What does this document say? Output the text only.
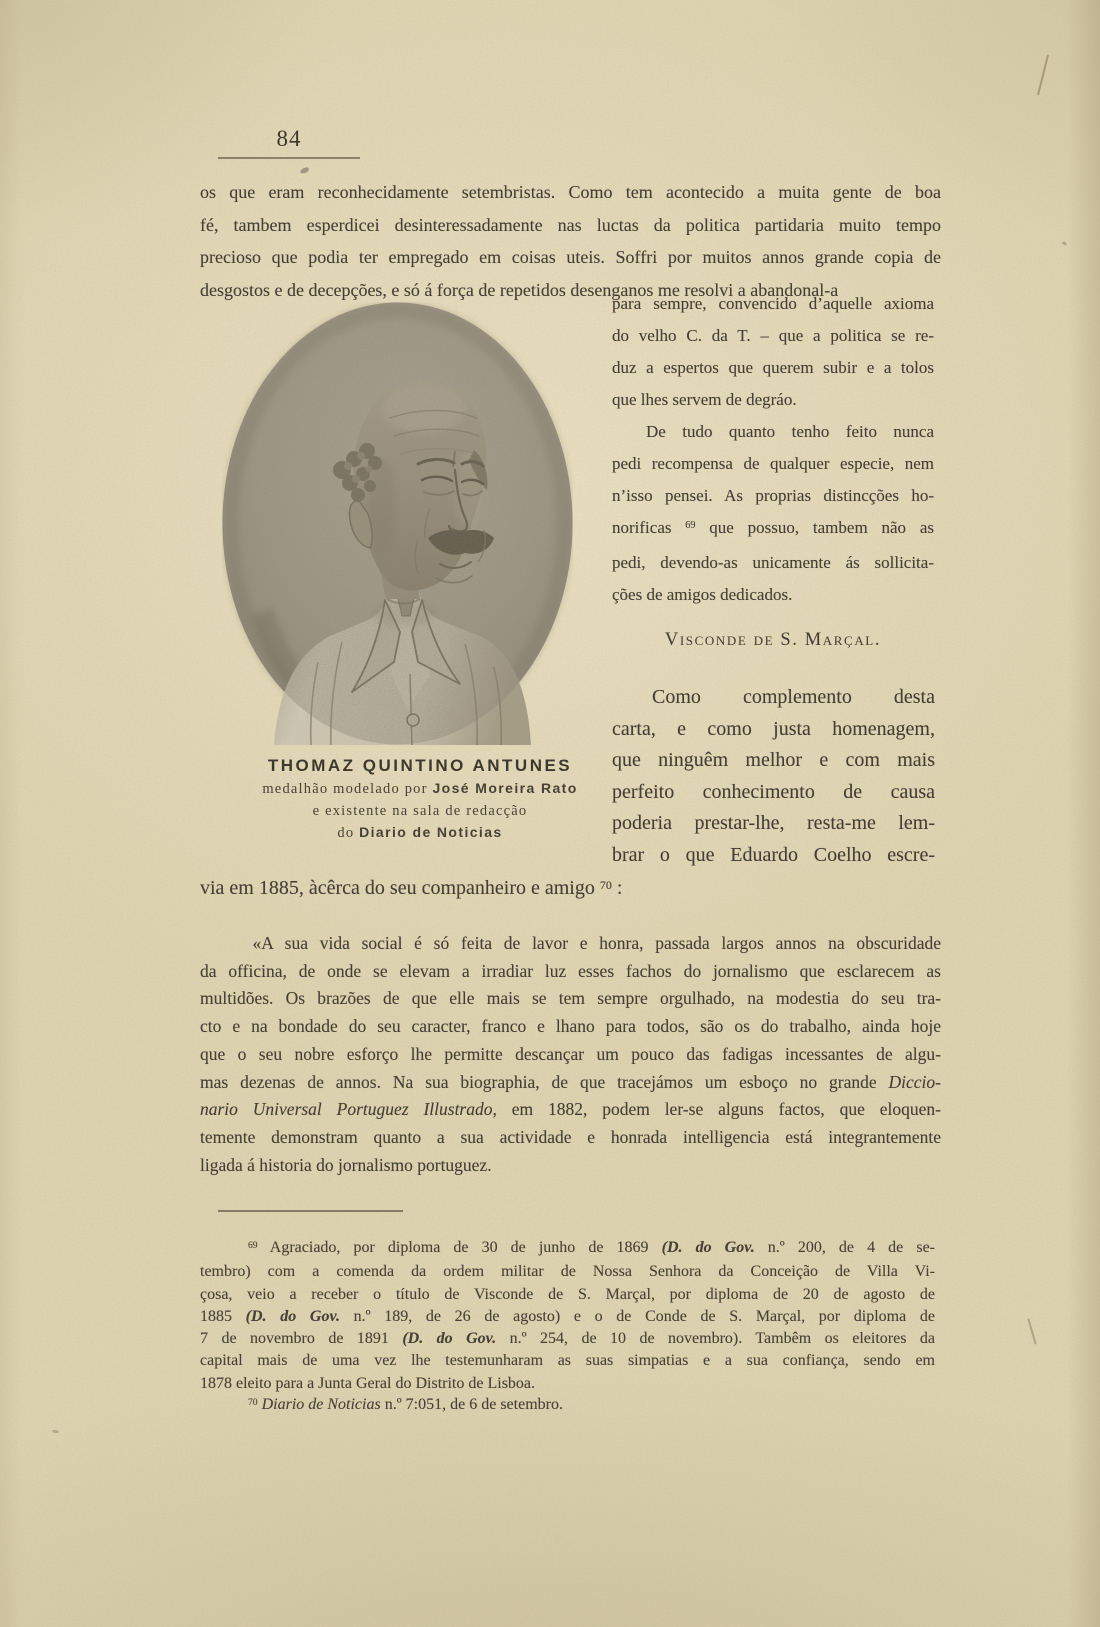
84
os que eram reconhecidamente setembristas. Como tem acontecido a muita gente de boa
fé, tambem esperdicei desinteressadamente nas luctas da politica partidaria muito tempo
precioso que podia ter empregado em coisas uteis. Soffri por muitos annos grande copia de
desgostos e de decepções, e só á força de repetidos desenganos me resolvi a abandonal-a
THOMAZ QUINTINO ANTUNES
medalhão modelado por José Moreira Rato
e existente na sala de redacção
do Diario de Noticias
para sempre, convencido d’aquelle axioma
do velho C. da T. – que a politica se re-
duz a espertos que querem subir e a tolos
que lhes servem de degráo.
  De tudo quanto tenho feito nunca
pedi recompensa de qualquer especie, nem
n’isso pensei. As proprias distincções ho-
norificas $^{69}$ que possuo, tambem não as
pedi, devendo-as unicamente ás sollicita-
ções de amigos dedicados.
Visconde de S. Marçal.
  Como complemento desta
carta, e como justa homenagem,
que ninguêm melhor e com mais
perfeito conhecimento de causa
poderia prestar-lhe, resta-me lem-
brar o que Eduardo Coelho escre-
via em 1885, àcêrca do seu companheiro e amigo $^{70}$ :
   «A sua vida social é só feita de lavor e honra, passada largos annos na obscuridade
da officina, de onde se elevam a irradiar luz esses fachos do jornalismo que esclarecem as
multidões. Os brazões de que elle mais se tem sempre orgulhado, na modestia do seu tra-
cto e na bondade do seu caracter, franco e lhano para todos, são os do trabalho, ainda hoje
que o seu nobre esforço lhe permitte descançar um pouco das fadigas incessantes de algu-
mas dezenas de annos. Na sua biographia, de que tracejámos um esboço no grande Diccio-
nario Universal Portuguez Illustrado, em 1882, podem ler-se alguns factos, que eloquen-
temente demonstram quanto a sua actividade e honrada intelligencia está integrantemente
ligada á historia do jornalismo portuguez.
   $^{69}$ Agraciado, por diploma de 30 de junho de 1869 (D. do Gov. n.º 200, de 4 de se-
tembro) com a comenda da ordem militar de Nossa Senhora da Conceição de Villa Vi-
çosa, veio a receber o título de Visconde de S. Marçal, por diploma de 20 de agosto de
1885 (D. do Gov. n.º 189, de 26 de agosto) e o de Conde de S. Marçal, por diploma de
7 de novembro de 1891 (D. do Gov. n.º 254, de 10 de novembro). Tambêm os eleitores da
capital mais de uma vez lhe testemunharam as suas simpatias e a sua confiança, sendo em
1878 eleito para a Junta Geral do Distrito de Lisboa.
   $^{70}$ Diario de Noticias n.º 7:051, de 6 de setembro.
